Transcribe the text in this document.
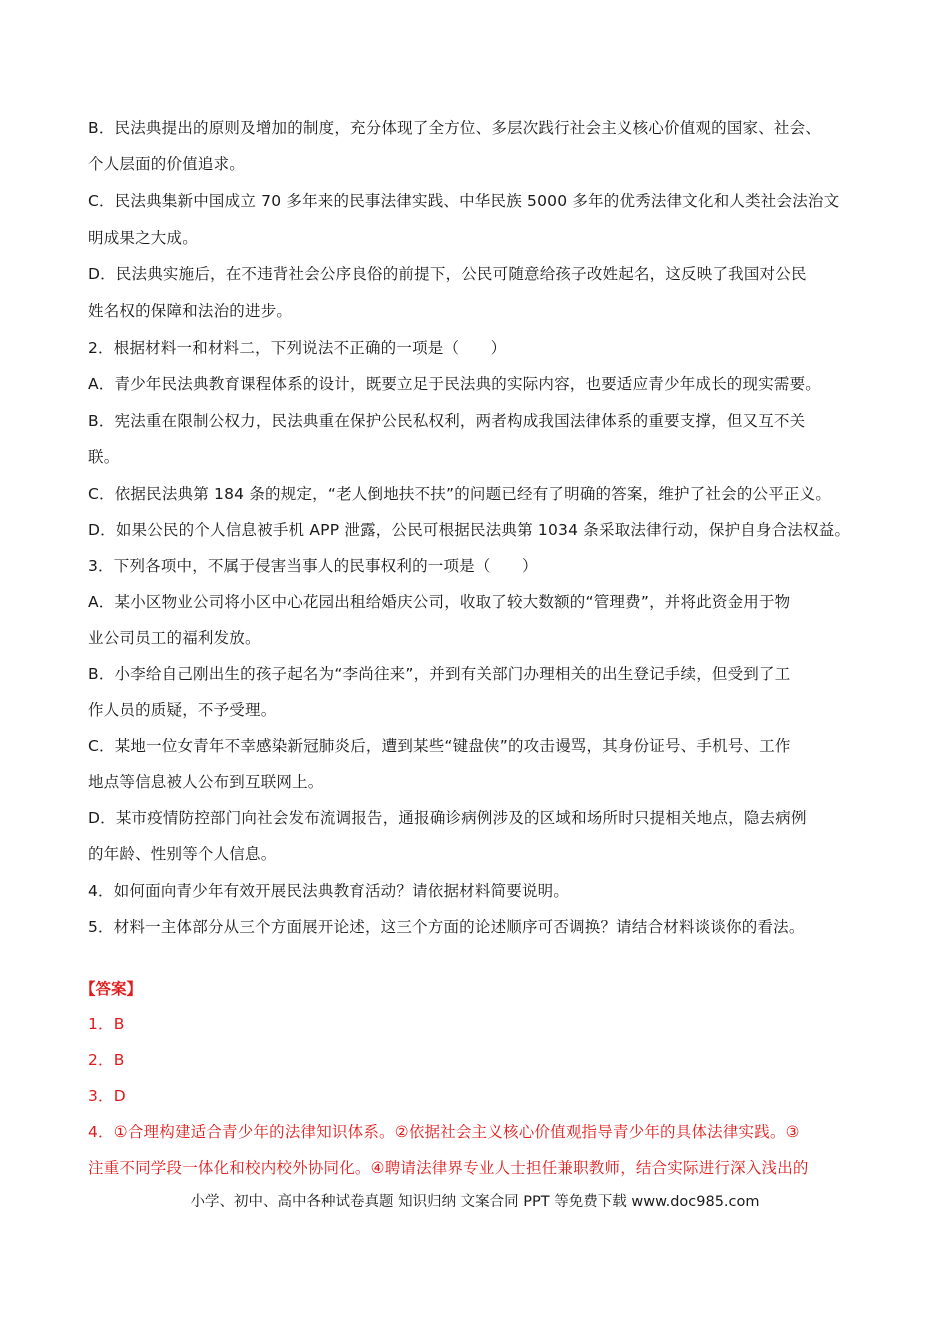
B．民法典提出的原则及增加的制度，充分体现了全方位、多层次践行社会主义核心价值观的国家、社会、
个人层面的价值追求。
C．民法典集新中国成立 70 多年来的民事法律实践、中华民族 5000 多年的优秀法律文化和人类社会法治文
明成果之大成。
D．民法典实施后，在不违背社会公序良俗的前提下，公民可随意给孩子改姓起名，这反映了我国对公民
姓名权的保障和法治的进步。
2．根据材料一和材料二，下列说法不正确的一项是（　　）
A．青少年民法典教育课程体系的设计，既要立足于民法典的实际内容，也要适应青少年成长的现实需要。
B．宪法重在限制公权力，民法典重在保护公民私权利，两者构成我国法律体系的重要支撑，但又互不关
联。
C．依据民法典第 184 条的规定，“老人倒地扶不扶”的问题已经有了明确的答案，维护了社会的公平正义。
D．如果公民的个人信息被手机 APP 泄露，公民可根据民法典第 1034 条采取法律行动，保护自身合法权益。
3．下列各项中，不属于侵害当事人的民事权利的一项是（　　）
A．某小区物业公司将小区中心花园出租给婚庆公司，收取了较大数额的“管理费”，并将此资金用于物
业公司员工的福利发放。
B．小李给自己刚出生的孩子起名为“李尚往来”，并到有关部门办理相关的出生登记手续，但受到了工
作人员的质疑，不予受理。
C．某地一位女青年不幸感染新冠肺炎后，遭到某些“键盘侠”的攻击谩骂，其身份证号、手机号、工作
地点等信息被人公布到互联网上。
D．某市疫情防控部门向社会发布流调报告，通报确诊病例涉及的区域和场所时只提相关地点，隐去病例
的年龄、性别等个人信息。
4．如何面向青少年有效开展民法典教育活动？请依据材料简要说明。
5．材料一主体部分从三个方面展开论述，这三个方面的论述顺序可否调换？请结合材料谈谈你的看法。
【答案】
1．B
2．B
3．D
4．①合理构建适合青少年的法律知识体系。②依据社会主义核心价值观指导青少年的具体法律实践。③
注重不同学段一体化和校内校外协同化。④聘请法律界专业人士担任兼职教师，结合实际进行深入浅出的
小学、初中、高中各种试卷真题 知识归纳 文案合同 PPT 等免费下载 www.doc985.com
